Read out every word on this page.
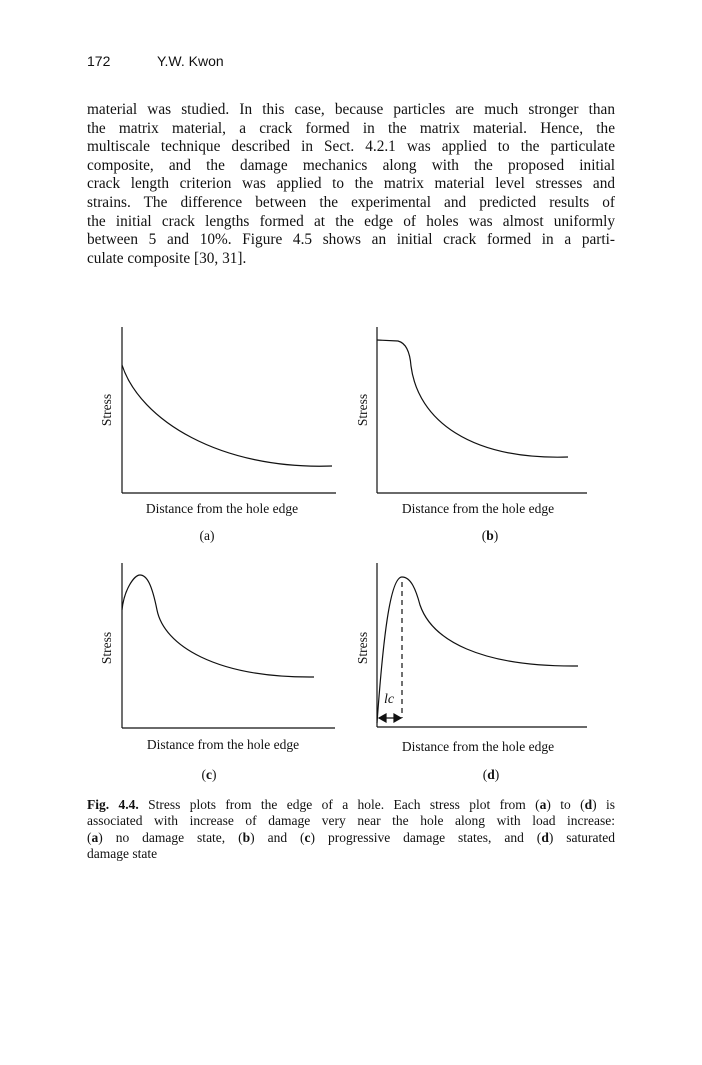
172	Y.W. Kwon
material was studied. In this case, because particles are much stronger than
the matrix material, a crack formed in the matrix material. Hence, the
multiscale technique described in Sect. 4.2.1 was applied to the particulate
composite, and the damage mechanics along with the proposed initial
crack length criterion was applied to the matrix material level stresses and
strains. The difference between the experimental and predicted results of
the initial crack lengths formed at the edge of holes was almost uniformly
between 5 and 10%. Figure 4.5 shows an initial crack formed in a parti-
culate composite [30, 31].
Stress
Distance from the hole edge
(a)
Stress
Distance from the hole edge
(b)
Stress
Distance from the hole edge
(c)
Stress
Distance from the hole edge
(d)
lc
Fig. 4.4. Stress plots from the edge of a hole. Each stress plot from (a) to (d) is
associated with increase of damage very near the hole along with load increase:
(a) no damage state, (b) and (c) progressive damage states, and (d) saturated
damage state
